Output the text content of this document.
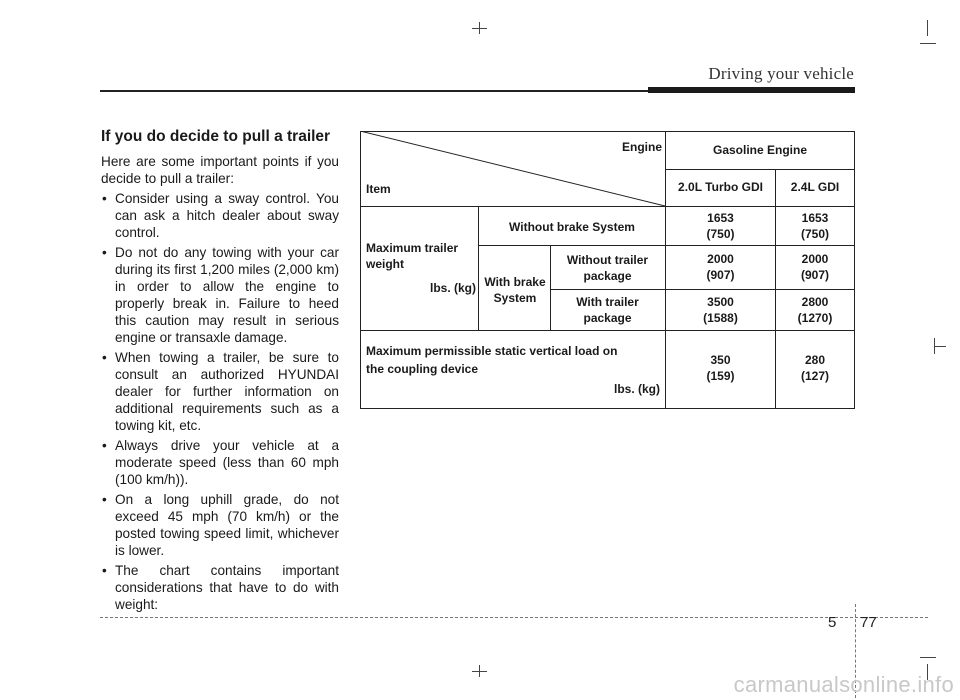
Driving your vehicle
If you do decide to pull a trailer

Here are some important points if you decide to pull a trailer:

• Consider using a sway control. You can ask a hitch dealer about sway control.
• Do not do any towing with your car during its first 1,200 miles (2,000 km) in order to allow the engine to properly break in. Failure to heed this caution may result in serious engine or transaxle damage.
• When towing a trailer, be sure to consult an authorized HYUNDAI dealer for further information on additional requirements such as a towing kit, etc.
• Always drive your vehicle at a moderate speed (less than 60 mph (100 km/h)).
• On a long uphill grade, do not exceed 45 mph (70 km/h) or the posted towing speed limit, whichever is lower.
• The chart contains important considerations that have to do with weight:
Engine
Item
Gasoline Engine
2.0L Turbo GDI	2.4L GDI
Maximum trailer weight
lbs. (kg)
Without brake System
1653
(750)
1653
(750)
With brake System
Without trailer package
With trailer package
2000
(907)
2000
(907)
3500
(1588)
2800
(1270)
Maximum permissible static vertical load on the coupling device
lbs. (kg)
350
(159)
280
(127)
5 77
carmanualsonline.info
